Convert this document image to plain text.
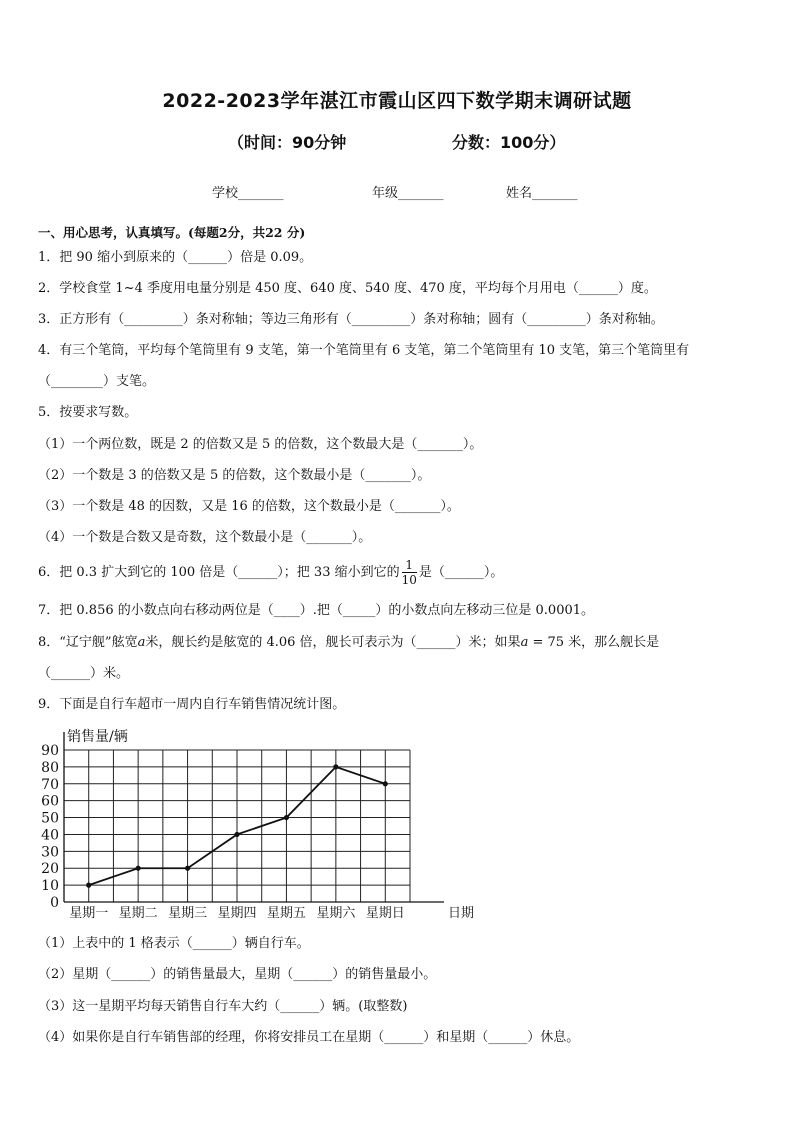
2022-2023学年湛江市霞山区四下数学期末调研试题
（时间：90分钟	分数：100分）
学校_______	年级_______	姓名_______
一、用心思考，认真填写。(每题2分，共22 分)
1．把 90 缩小到原来的（______）倍是 0.09。
2．学校食堂 1~4 季度用电量分别是 450 度、640 度、540 度、470 度，平均每个月用电（______）度。
3．正方形有（_________）条对称轴；等边三角形有（_________）条对称轴；圆有（_________）条对称轴。
4．有三个笔筒，平均每个笔筒里有 9 支笔，第一个笔筒里有 6 支笔，第二个笔筒里有 10 支笔，第三个笔筒里有
（________）支笔。
5．按要求写数。
（1）一个两位数，既是 2 的倍数又是 5 的倍数，这个数最大是（_______）。
（2）一个数是 3 的倍数又是 5 的倍数，这个数最小是（_______）。
（3）一个数是 48 的因数，又是 16 的倍数，这个数最小是（_______）。
（4）一个数是合数又是奇数，这个数最小是（_______）。
6．把 0.3 扩大到它的 100 倍是（______）；把 33 缩小到它的 $\frac{1}{10}$ 是（______）。
7．把 0.856 的小数点向右移动两位是（____）.把（_____）的小数点向左移动三位是 0.0001。
8．“辽宁舰”舷宽a米，舰长约是舷宽的 4.06 倍，舰长可表示为（______）米；如果a = 75 米，那么舰长是
（______）米。
9．下面是自行车超市一周内自行车销售情况统计图。
0
10
20
30
40
50
60
70
80
90
销售量/辆
星期一 星期二 星期三 星期四 星期五 星期六 星期日	日期
（1）上表中的 1 格表示（______）辆自行车。
（2）星期（______）的销售量最大，星期（______）的销售量最小。
（3）这一星期平均每天销售自行车大约（______）辆。(取整数)
（4）如果你是自行车销售部的经理，你将安排员工在星期（______）和星期（______）休息。
